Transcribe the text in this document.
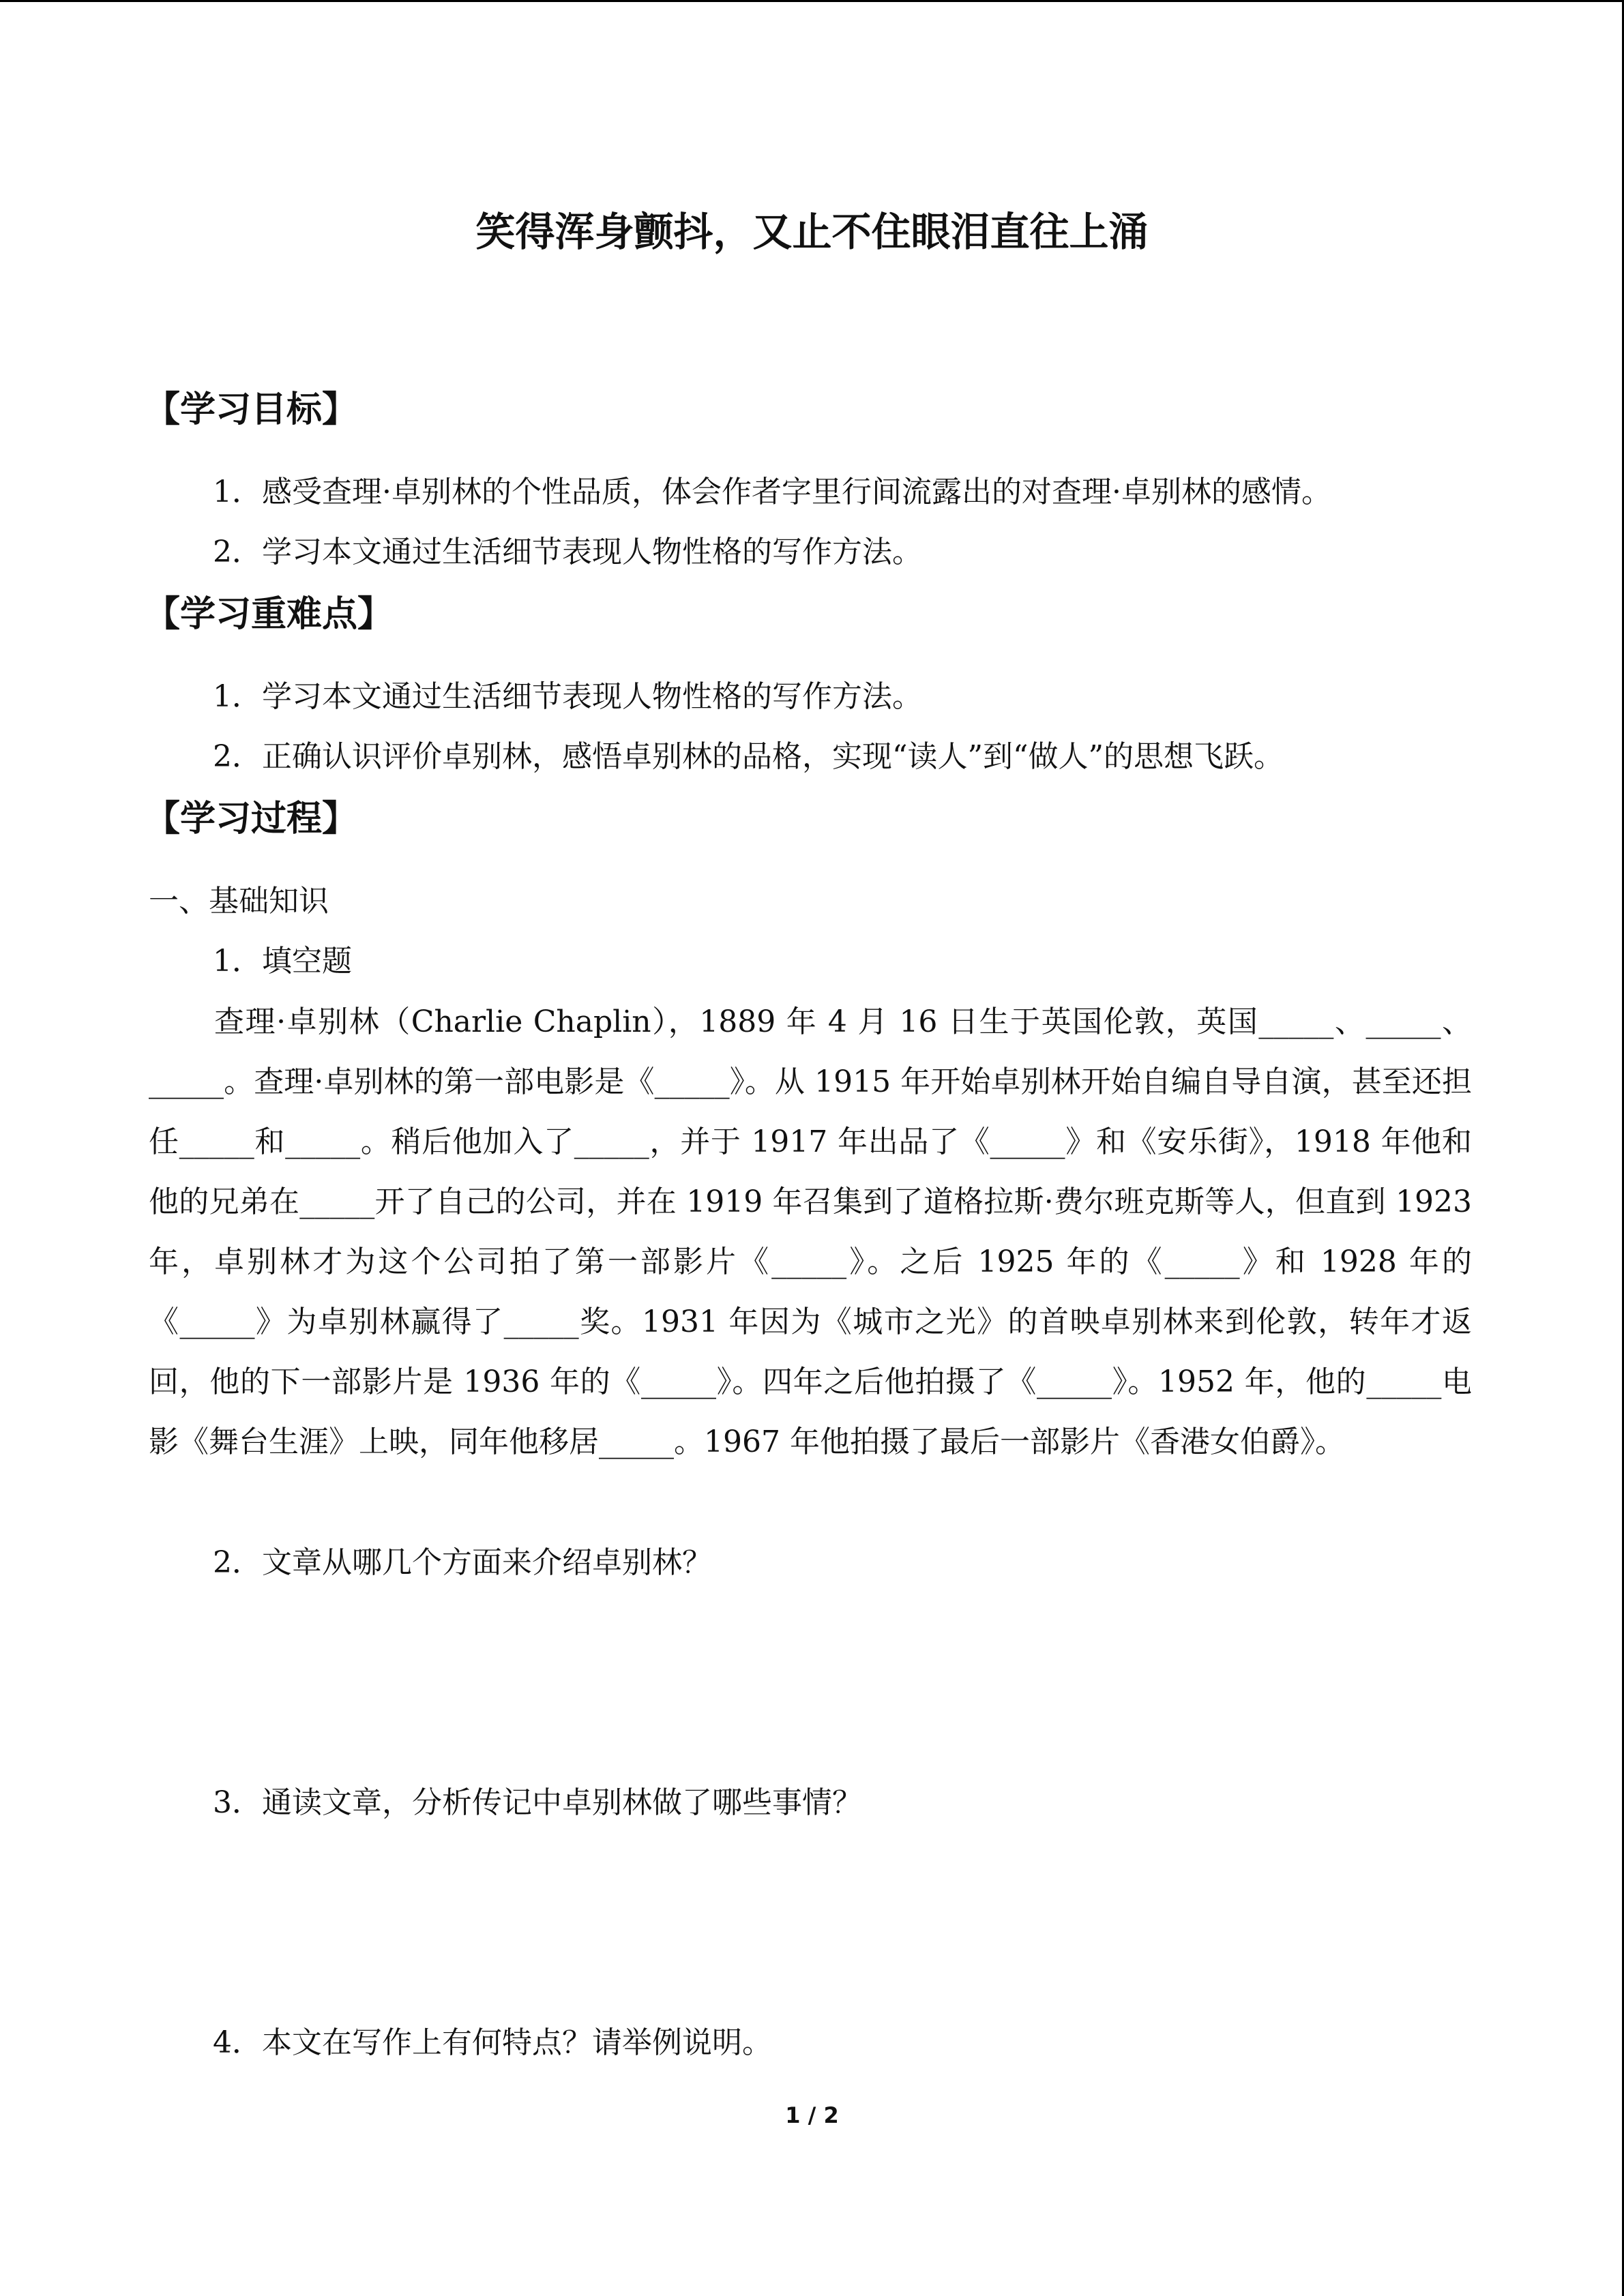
笑得浑身颤抖，又止不住眼泪直往上涌
【学习目标】
1．感受查理·卓别林的个性品质，体会作者字里行间流露出的对查理·卓别林的感情。
2．学习本文通过生活细节表现人物性格的写作方法。
【学习重难点】
1．学习本文通过生活细节表现人物性格的写作方法。
2．正确认识评价卓别林，感悟卓别林的品格，实现“读人”到“做人”的思想飞跃。
【学习过程】
一、基础知识
1．填空题
查理·卓别林（Charlie Chaplin），1889 年 4 月 16 日生于英国伦敦，英国_____、_____、_____。查理·卓别林的第一部电影是《_____》。从 1915 年开始卓别林开始自编自导自演，甚至还担任_____和_____。稍后他加入了_____，并于 1917 年出品了《_____》和《安乐街》，1918 年他和他的兄弟在_____开了自己的公司，并在 1919 年召集到了道格拉斯·费尔班克斯等人，但直到 1923 年，卓别林才为这个公司拍了第一部影片《_____》。之后 1925 年的《_____》和 1928 年的《_____》为卓别林赢得了_____奖。1931 年因为《城市之光》的首映卓别林来到伦敦，转年才返回，他的下一部影片是 1936 年的《_____》。四年之后他拍摄了《_____》。1952 年，他的_____电影《舞台生涯》上映，同年他移居_____。1967 年他拍摄了最后一部影片《香港女伯爵》。
2．文章从哪几个方面来介绍卓别林？
3．通读文章，分析传记中卓别林做了哪些事情？
4．本文在写作上有何特点？请举例说明。
1 / 2
